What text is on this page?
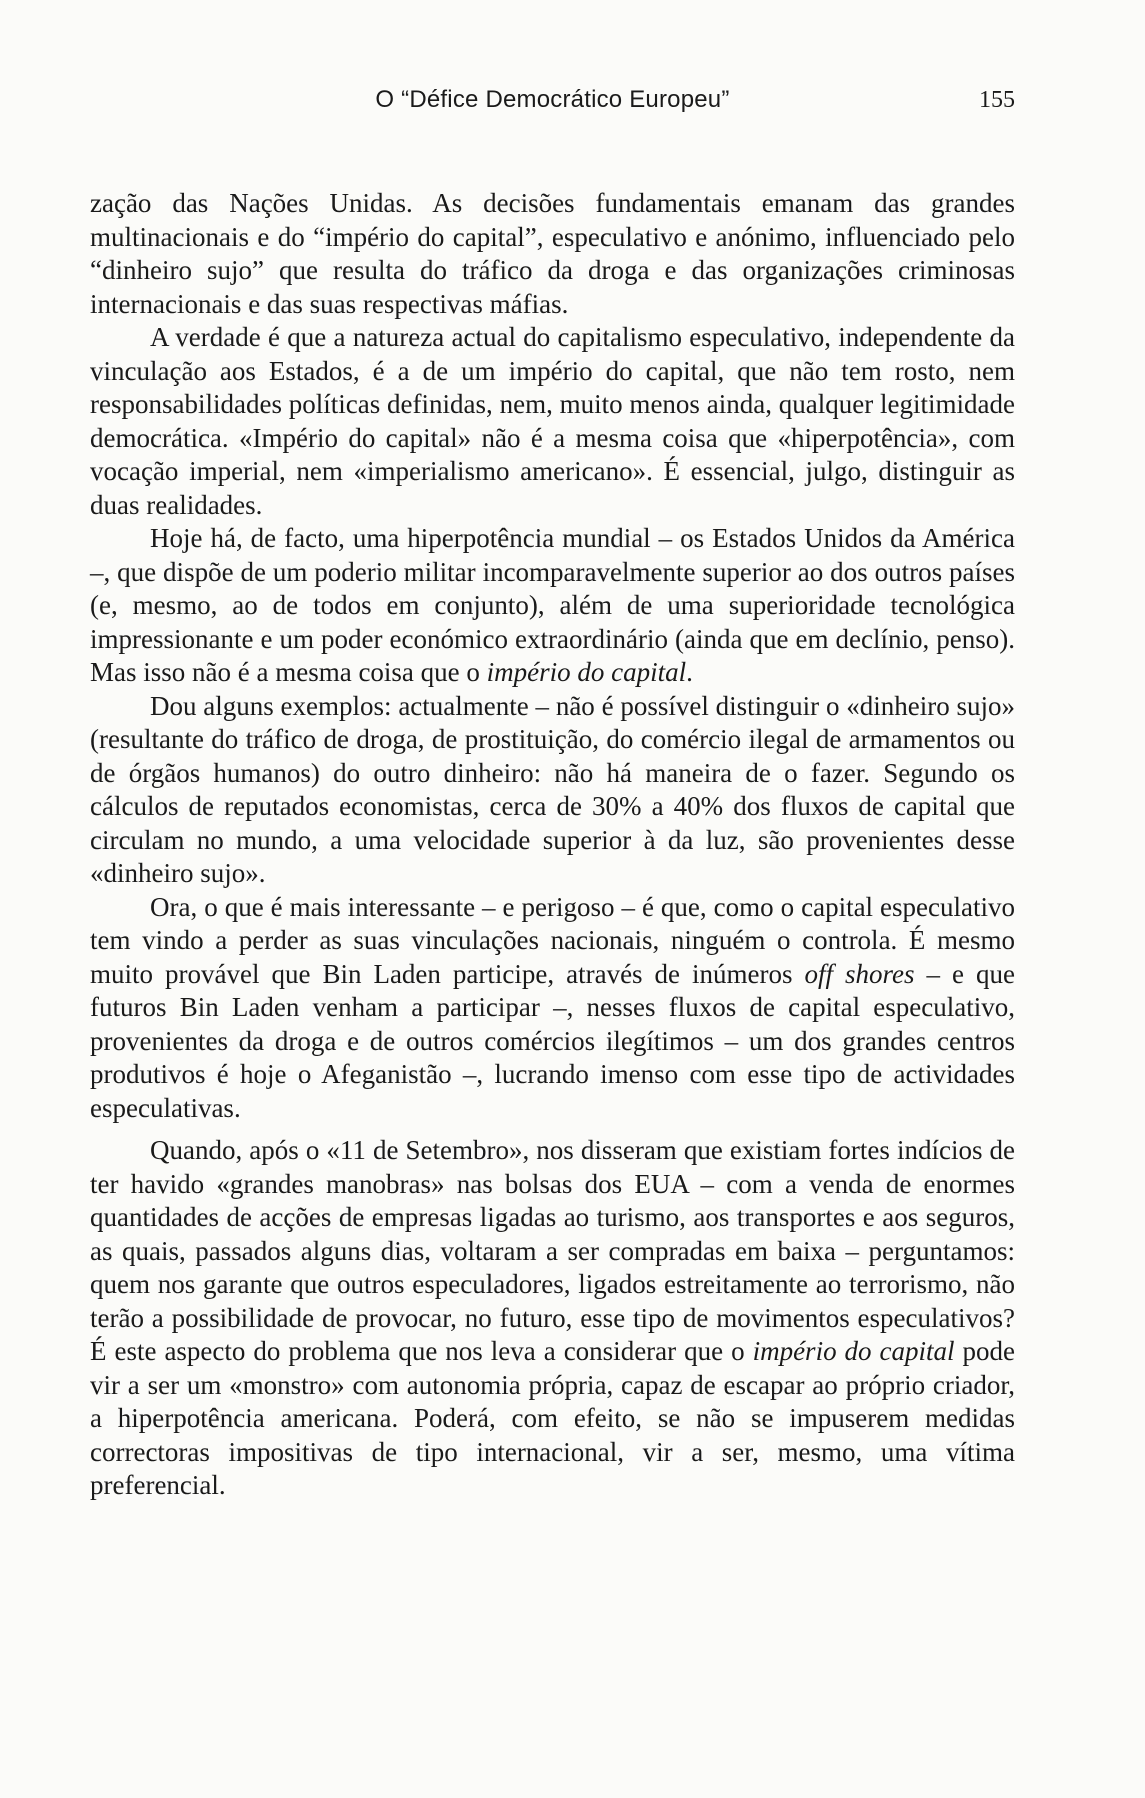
O “Défice Democrático Europeu”	155

zação das Nações Unidas. As decisões fundamentais emanam das grandes multinacionais e do “império do capital”, especulativo e anónimo, influenciado pelo “dinheiro sujo” que resulta do tráfico da droga e das organizações criminosas internacionais e das suas respectivas máfias.

A verdade é que a natureza actual do capitalismo especulativo, independente da vinculação aos Estados, é a de um império do capital, que não tem rosto, nem responsabilidades políticas definidas, nem, muito menos ainda, qualquer legitimidade democrática. «Império do capital» não é a mesma coisa que «hiperpotência», com vocação imperial, nem «imperialismo americano». É essencial, julgo, distinguir as duas realidades.

Hoje há, de facto, uma hiperpotência mundial – os Estados Unidos da América –, que dispõe de um poderio militar incomparavelmente superior ao dos outros países (e, mesmo, ao de todos em conjunto), além de uma superioridade tecnológica impressionante e um poder económico extraordinário (ainda que em declínio, penso). Mas isso não é a mesma coisa que o império do capital.

Dou alguns exemplos: actualmente – não é possível distinguir o «dinheiro sujo» (resultante do tráfico de droga, de prostituição, do comércio ilegal de armamentos ou de órgãos humanos) do outro dinheiro: não há maneira de o fazer. Segundo os cálculos de reputados economistas, cerca de 30% a 40% dos fluxos de capital que circulam no mundo, a uma velocidade superior à da luz, são provenientes desse «dinheiro sujo».

Ora, o que é mais interessante – e perigoso – é que, como o capital especulativo tem vindo a perder as suas vinculações nacionais, ninguém o controla. É mesmo muito provável que Bin Laden participe, através de inúmeros off shores – e que futuros Bin Laden venham a participar –, nesses fluxos de capital especulativo, provenientes da droga e de outros comércios ilegítimos – um dos grandes centros produtivos é hoje o Afeganistão –, lucrando imenso com esse tipo de actividades especulativas.

Quando, após o «11 de Setembro», nos disseram que existiam fortes indícios de ter havido «grandes manobras» nas bolsas dos EUA – com a venda de enormes quantidades de acções de empresas ligadas ao turismo, aos transportes e aos seguros, as quais, passados alguns dias, voltaram a ser compradas em baixa – perguntamos: quem nos garante que outros especuladores, ligados estreitamente ao terrorismo, não terão a possibilidade de provocar, no futuro, esse tipo de movimentos especulativos? É este aspecto do problema que nos leva a considerar que o império do capital pode vir a ser um «monstro» com autonomia própria, capaz de escapar ao próprio criador, a hiperpotência americana. Poderá, com efeito, se não se impuserem medidas correctoras impositivas de tipo internacional, vir a ser, mesmo, uma vítima preferencial.
